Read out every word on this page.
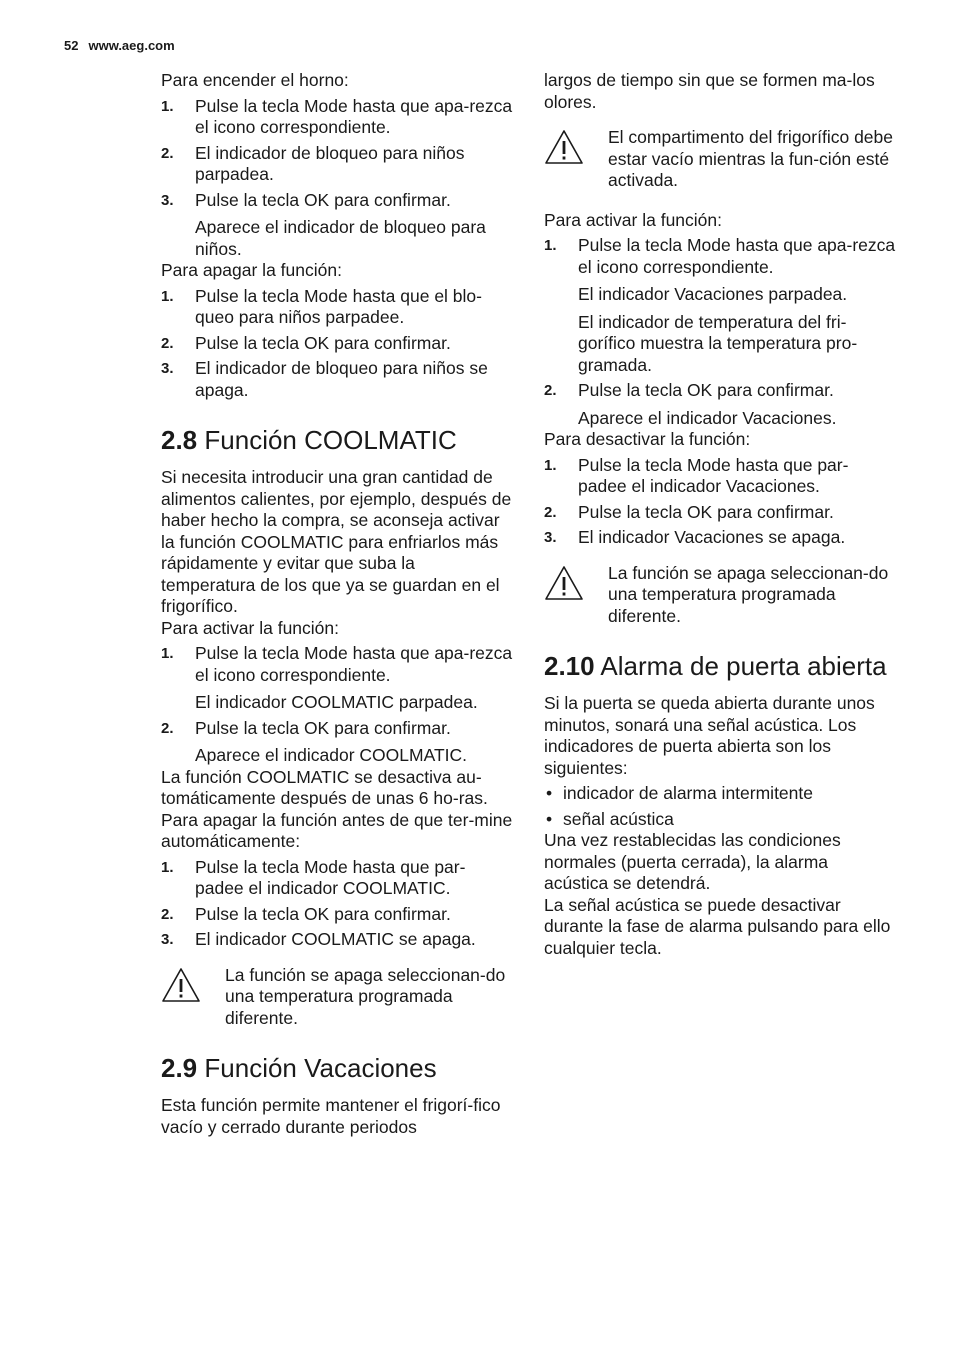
52 www.aeg.com

Para encender el horno:

1. Pulse la tecla Mode hasta que apa-rezca el icono correspondiente.
2. El indicador de bloqueo para niños parpadea.
3. Pulse la tecla OK para confirmar.

Aparece el indicador de bloqueo para niños.

Para apagar la función:

1. Pulse la tecla Mode hasta que el blo-queo para niños parpadee.
2. Pulse la tecla OK para confirmar.
3. El indicador de bloqueo para niños se apaga.
2.8 Función COOLMATIC

Si necesita introducir una gran cantidad de alimentos calientes, por ejemplo, después de haber hecho la compra, se aconseja activar la función COOLMATIC para enfriarlos más rápidamente y evitar que suba la temperatura de los que ya se guardan en el frigorífico.

Para activar la función:

1. Pulse la tecla Mode hasta que apa-rezca el icono correspondiente.

El indicador COOLMATIC parpadea.

2. Pulse la tecla OK para confirmar.

Aparece el indicador COOLMATIC.

La función COOLMATIC se desactiva au-tomáticamente después de unas 6 ho-ras.

Para apagar la función antes de que ter-mine automáticamente:

1. Pulse la tecla Mode hasta que par-padee el indicador COOLMATIC.
2. Pulse la tecla OK para confirmar.
3. El indicador COOLMATIC se apaga.

La función se apaga seleccionan-do una temperatura programada diferente.

2.9 Función Vacaciones

Esta función permite mantener el frigorí-fico vacío y cerrado durante periodos

largos de tiempo sin que se formen ma-los olores.

El compartimento del frigorífico debe estar vacío mientras la fun-ción esté activada.

Para activar la función:

1. Pulse la tecla Mode hasta que apa-rezca el icono correspondiente.

El indicador Vacaciones parpadea.

El indicador de temperatura del fri-gorífico muestra la temperatura pro-gramada.

2. Pulse la tecla OK para confirmar.

Aparece el indicador Vacaciones.

Para desactivar la función:

1. Pulse la tecla Mode hasta que par-padee el indicador Vacaciones.
2. Pulse la tecla OK para confirmar.
3. El indicador Vacaciones se apaga.

La función se apaga seleccionan-do una temperatura programada diferente.

2.10 Alarma de puerta abierta

Si la puerta se queda abierta durante unos minutos, sonará una señal acústica. Los indicadores de puerta abierta son los siguientes:

• indicador de alarma intermitente
• señal acústica

Una vez restablecidas las condiciones normales (puerta cerrada), la alarma acústica se detendrá.

La señal acústica se puede desactivar durante la fase de alarma pulsando para ello cualquier tecla.
